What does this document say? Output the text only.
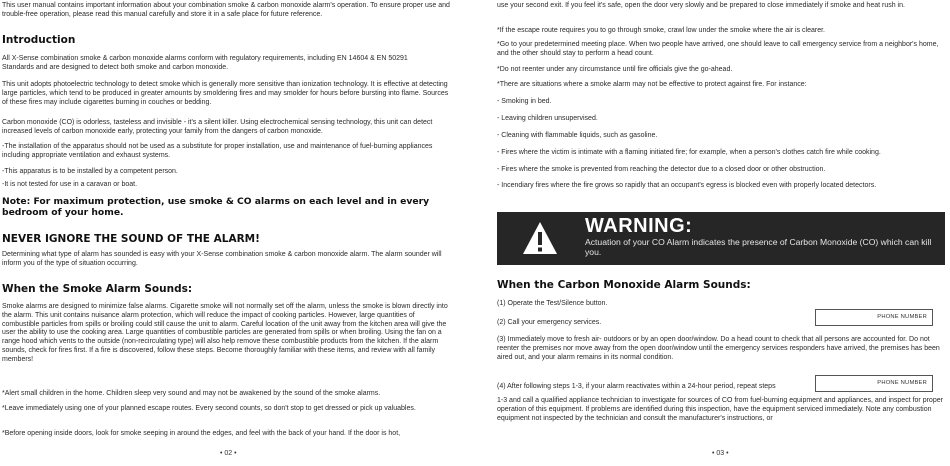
This user manual contains important information about your combination smoke & carbon monoxide alarm's operation. To ensure proper use and trouble-free operation, please read this manual carefully and store it in a safe place for future reference.

Introduction

All X-Sense combination smoke & carbon monoxide alarms conform with regulatory requirements, including EN 14604 & EN 50291 Standards and are designed to detect both smoke and carbon monoxide.

This unit adopts photoelectric technology to detect smoke which is generally more sensitive than ionization technology. It is effective at detecting large particles, which tend to be produced in greater amounts by smoldering fires and may smolder for hours before bursting into flame. Sources of these fires may include cigarettes burning in couches or bedding.

Carbon monoxide (CO) is odorless, tasteless and invisible - it's a silent killer. Using electrochemical sensing technology, this unit can detect increased levels of carbon monoxide early, protecting your family from the dangers of carbon monoxide.

-The installation of the apparatus should not be used as a substitute for proper installation, use and maintenance of fuel-burning appliances including appropriate ventilation and exhaust systems.

-This apparatus is to be installed by a competent person.

-It is not tested for use in a caravan or boat.

Note: For maximum protection, use smoke & CO alarms on each level and in every bedroom of your home.

NEVER IGNORE THE SOUND OF THE ALARM!

Determining what type of alarm has sounded is easy with your X-Sense combination smoke & carbon monoxide alarm. The alarm sounder will inform you of the type of situation occurring.

When the Smoke Alarm Sounds:

Smoke alarms are designed to minimize false alarms. Cigarette smoke will not normally set off the alarm, unless the smoke is blown directly into the alarm. This unit contains nuisance alarm protection, which will reduce the impact of cooking particles. However, large quantities of combustible particles from spills or broiling could still cause the unit to alarm. Careful location of the unit away from the kitchen area will give the user the ability to use the cooking area. Large quantities of combustible particles are generated from spills or when broiling. Using the fan on a range hood which vents to the outside (non-recirculating type) will also help remove these combustible products from the kitchen. If the alarm sounds, check for fires first. If a fire is discovered, follow these steps. Become thoroughly familiar with these items, and review with all family members!

*Alert small children in the home. Children sleep very sound and may not be awakened by the sound of the smoke alarms.

*Leave immediately using one of your planned escape routes. Every second counts, so don't stop to get dressed or pick up valuables.

*Before opening inside doors, look for smoke seeping in around the edges, and feel with the back of your hand. If the door is hot,

• 02 •

use your second exit. If you feel it's safe, open the door very slowly and be prepared to close immediately if smoke and heat rush in.

*If the escape route requires you to go through smoke, crawl low under the smoke where the air is clearer.

*Go to your predetermined meeting place. When two people have arrived, one should leave to call emergency service from a neighbor's home, and the other should stay to perform a head count.

*Do not reenter under any circumstance until fire officials give the go-ahead.

*There are situations where a smoke alarm may not be effective to protect against fire. For instance:

- Smoking in bed.

- Leaving children unsupervised.

- Cleaning with flammable liquids, such as gasoline.

- Fires where the victim is intimate with a flaming initiated fire; for example, when a person's clothes catch fire while cooking.

- Fires where the smoke is prevented from reaching the detector due to a closed door or other obstruction.

- Incendiary fires where the fire grows so rapidly that an occupant's egress is blocked even with properly located detectors.

WARNING:
Actuation of your CO Alarm indicates the presence of Carbon Monoxide (CO) which can kill you.
When the Carbon Monoxide Alarm Sounds:

(1) Operate the Test/Silence button.

(2) Call your emergency services.

PHONE NUMBER

(3) Immediately move to fresh air- outdoors or by an open door/window. Do a head count to check that all persons are accounted for. Do not reenter the premises nor move away from the open door/window until the emergency services responders have arrived, the premises has been aired out, and your alarm remains in its normal condition.

(4) After following steps 1-3, if your alarm reactivates within a 24-hour period, repeat steps	PHONE NUMBER

1-3 and call a qualified appliance technician to investigate for sources of CO from fuel-burning equipment and appliances, and inspect for proper operation of this equipment. If problems are identified during this inspection, have the equipment serviced immediately. Note any combustion equipment not inspected by the technician and consult the manufacturer's instructions, or

• 03 •
